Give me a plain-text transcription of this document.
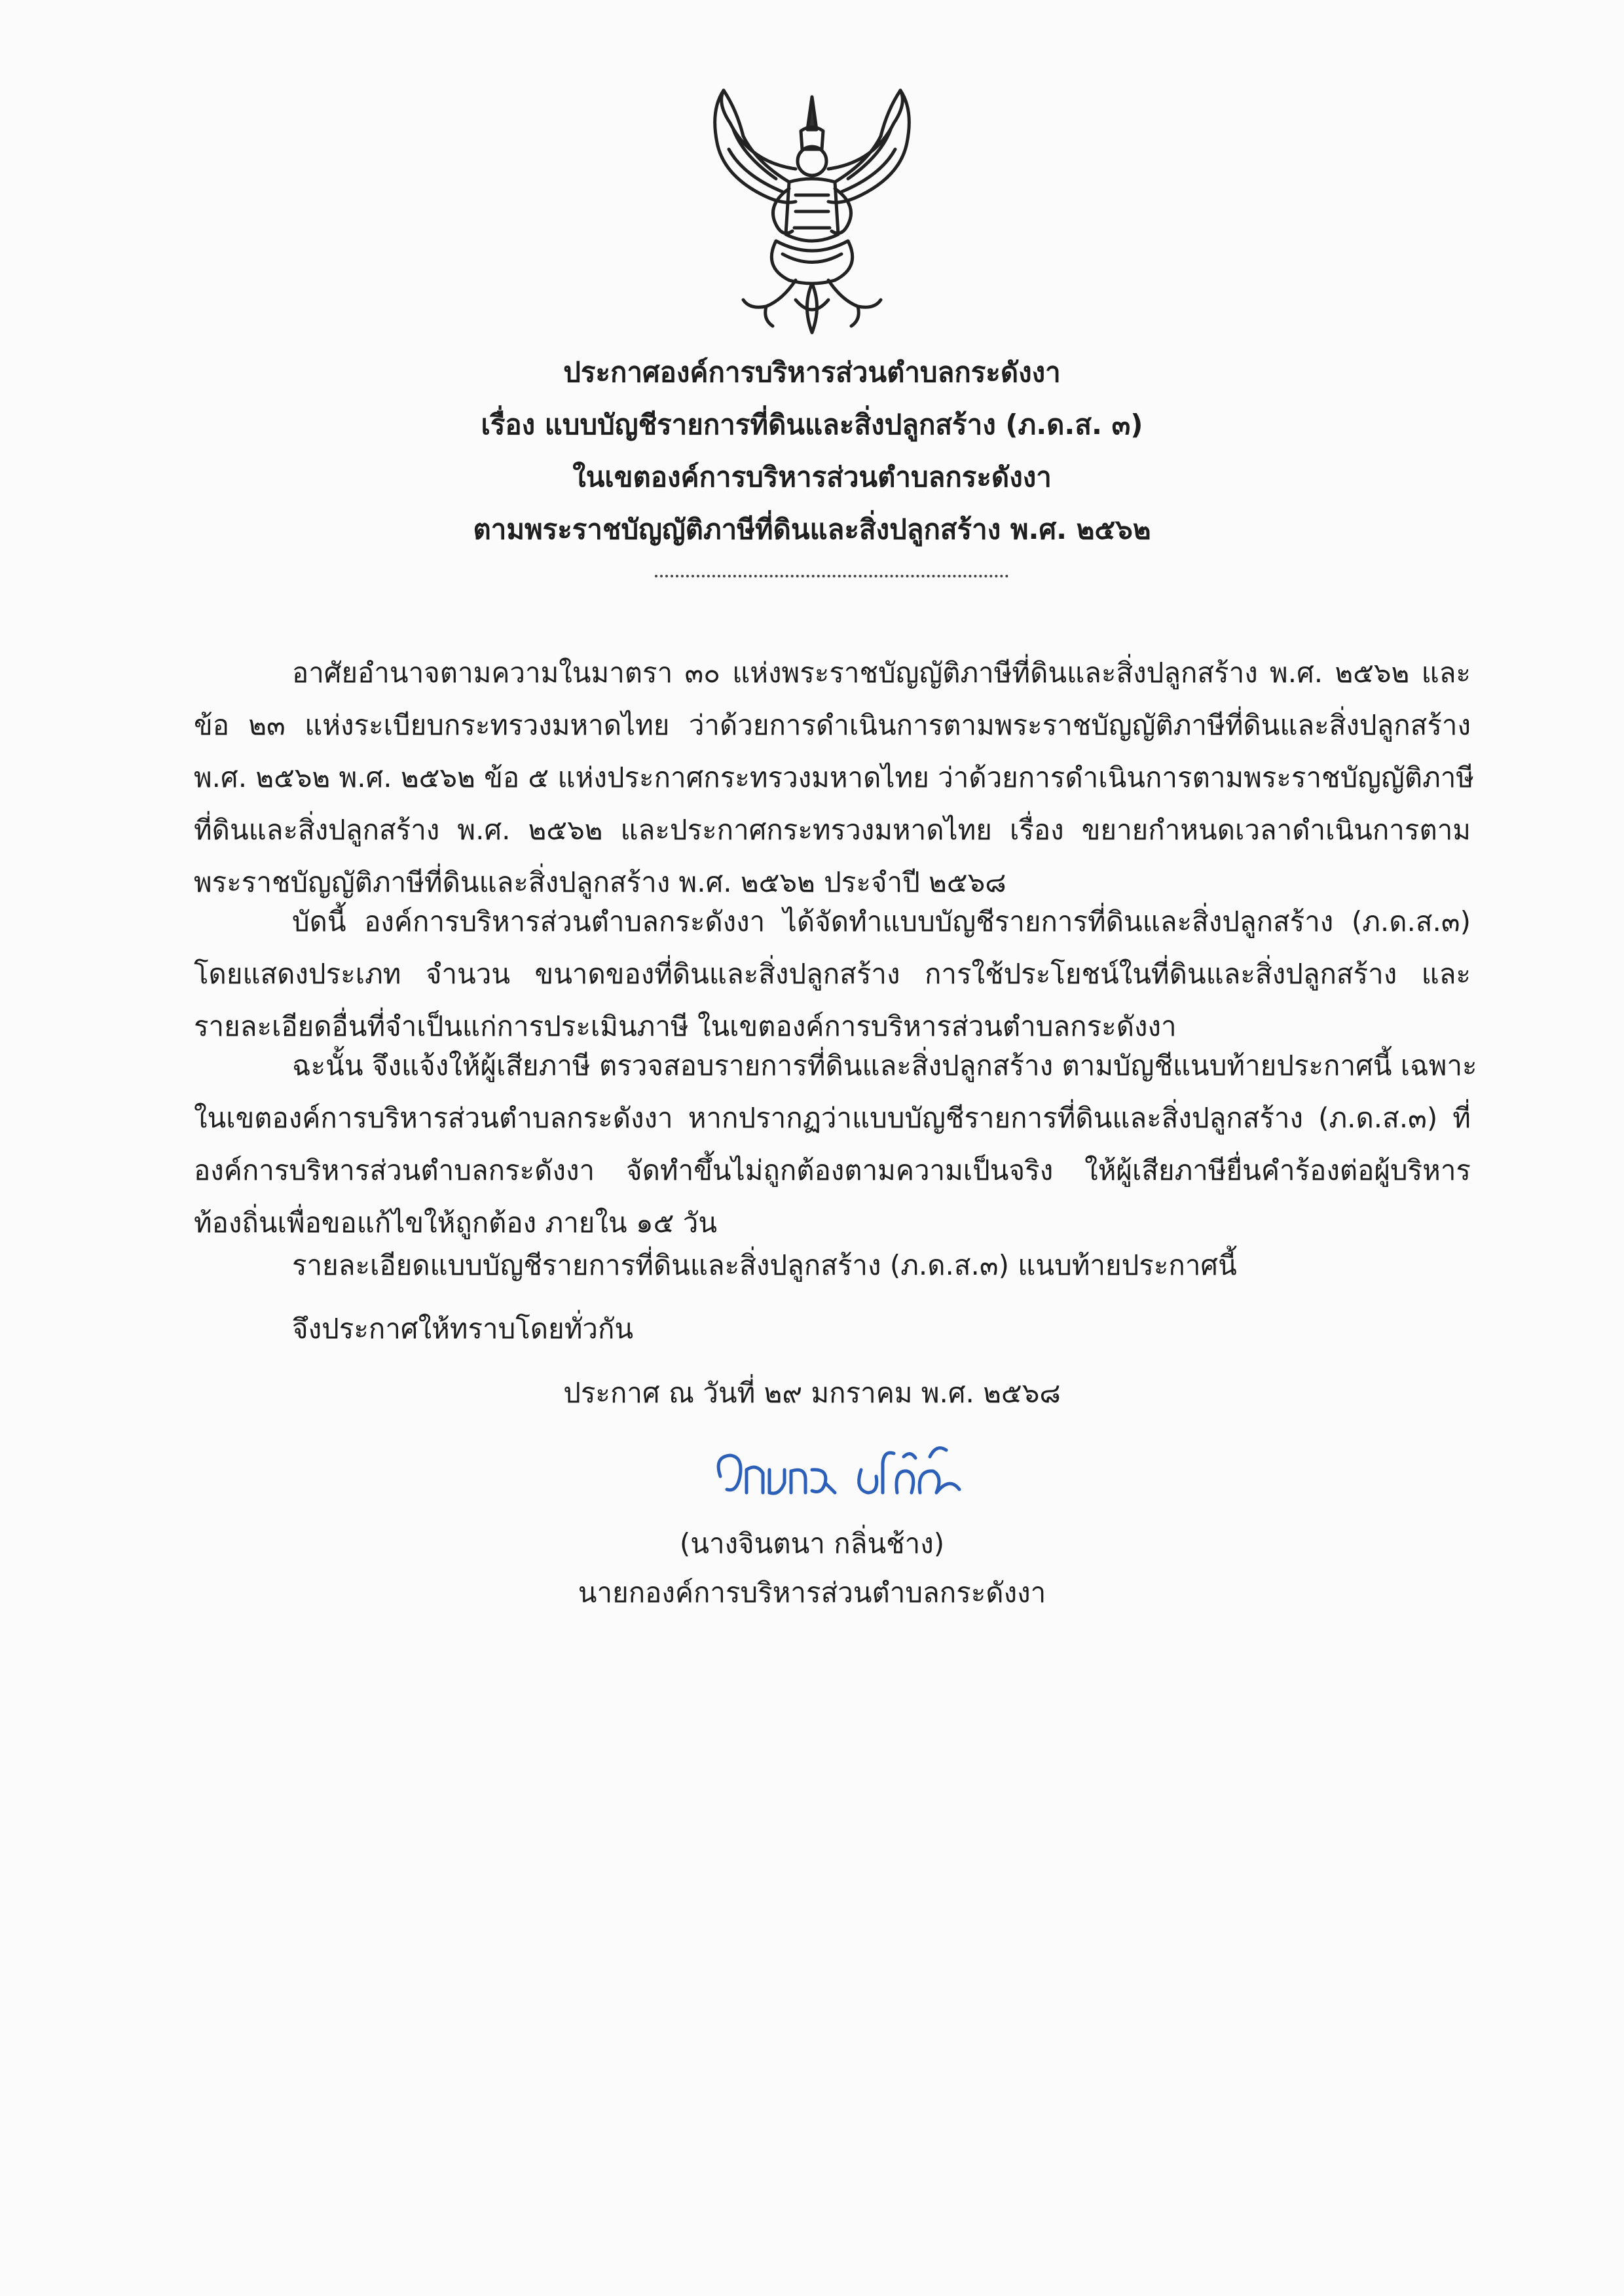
ประกาศองค์การบริหารส่วนตำบลกระดังงา
เรื่อง แบบบัญชีรายการที่ดินและสิ่งปลูกสร้าง (ภ.ด.ส. ๓)
ในเขตองค์การบริหารส่วนตำบลกระดังงา
ตามพระราชบัญญัติภาษีที่ดินและสิ่งปลูกสร้าง พ.ศ. ๒๕๖๒
อาศัยอำนาจตามความในมาตรา ๓๐ แห่งพระราชบัญญัติภาษีที่ดินและสิ่งปลูกสร้าง พ.ศ. ๒๕๖๒ และ
ข้อ ๒๓ แห่งระเบียบกระทรวงมหาดไทย ว่าด้วยการดำเนินการตามพระราชบัญญัติภาษีที่ดินและสิ่งปลูกสร้าง
พ.ศ. ๒๕๖๒ พ.ศ. ๒๕๖๒ ข้อ ๕ แห่งประกาศกระทรวงมหาดไทย ว่าด้วยการดำเนินการตามพระราชบัญญัติภาษี
ที่ดินและสิ่งปลูกสร้าง พ.ศ. ๒๕๖๒ และประกาศกระทรวงมหาดไทย เรื่อง ขยายกำหนดเวลาดำเนินการตาม
พระราชบัญญัติภาษีที่ดินและสิ่งปลูกสร้าง พ.ศ. ๒๕๖๒ ประจำปี ๒๕๖๘
บัดนี้ องค์การบริหารส่วนตำบลกระดังงา ได้จัดทำแบบบัญชีรายการที่ดินและสิ่งปลูกสร้าง (ภ.ด.ส.๓)
โดยแสดงประเภท จำนวน ขนาดของที่ดินและสิ่งปลูกสร้าง การใช้ประโยชน์ในที่ดินและสิ่งปลูกสร้าง และ
รายละเอียดอื่นที่จำเป็นแก่การประเมินภาษี ในเขตองค์การบริหารส่วนตำบลกระดังงา
ฉะนั้น จึงแจ้งให้ผู้เสียภาษี ตรวจสอบรายการที่ดินและสิ่งปลูกสร้าง ตามบัญชีแนบท้ายประกาศนี้ เฉพาะ
ในเขตองค์การบริหารส่วนตำบลกระดังงา หากปรากฏว่าแบบบัญชีรายการที่ดินและสิ่งปลูกสร้าง (ภ.ด.ส.๓) ที่
องค์การบริหารส่วนตำบลกระดังงา จัดทำขึ้นไม่ถูกต้องตามความเป็นจริง ให้ผู้เสียภาษียื่นคำร้องต่อผู้บริหาร
ท้องถิ่นเพื่อขอแก้ไขให้ถูกต้อง ภายใน ๑๕ วัน
รายละเอียดแบบบัญชีรายการที่ดินและสิ่งปลูกสร้าง (ภ.ด.ส.๓) แนบท้ายประกาศนี้
จึงประกาศให้ทราบโดยทั่วกัน
ประกาศ ณ วันที่ ๒๙ มกราคม พ.ศ. ๒๕๖๘
(นางจินตนา กลิ่นช้าง)
นายกองค์การบริหารส่วนตำบลกระดังงา
